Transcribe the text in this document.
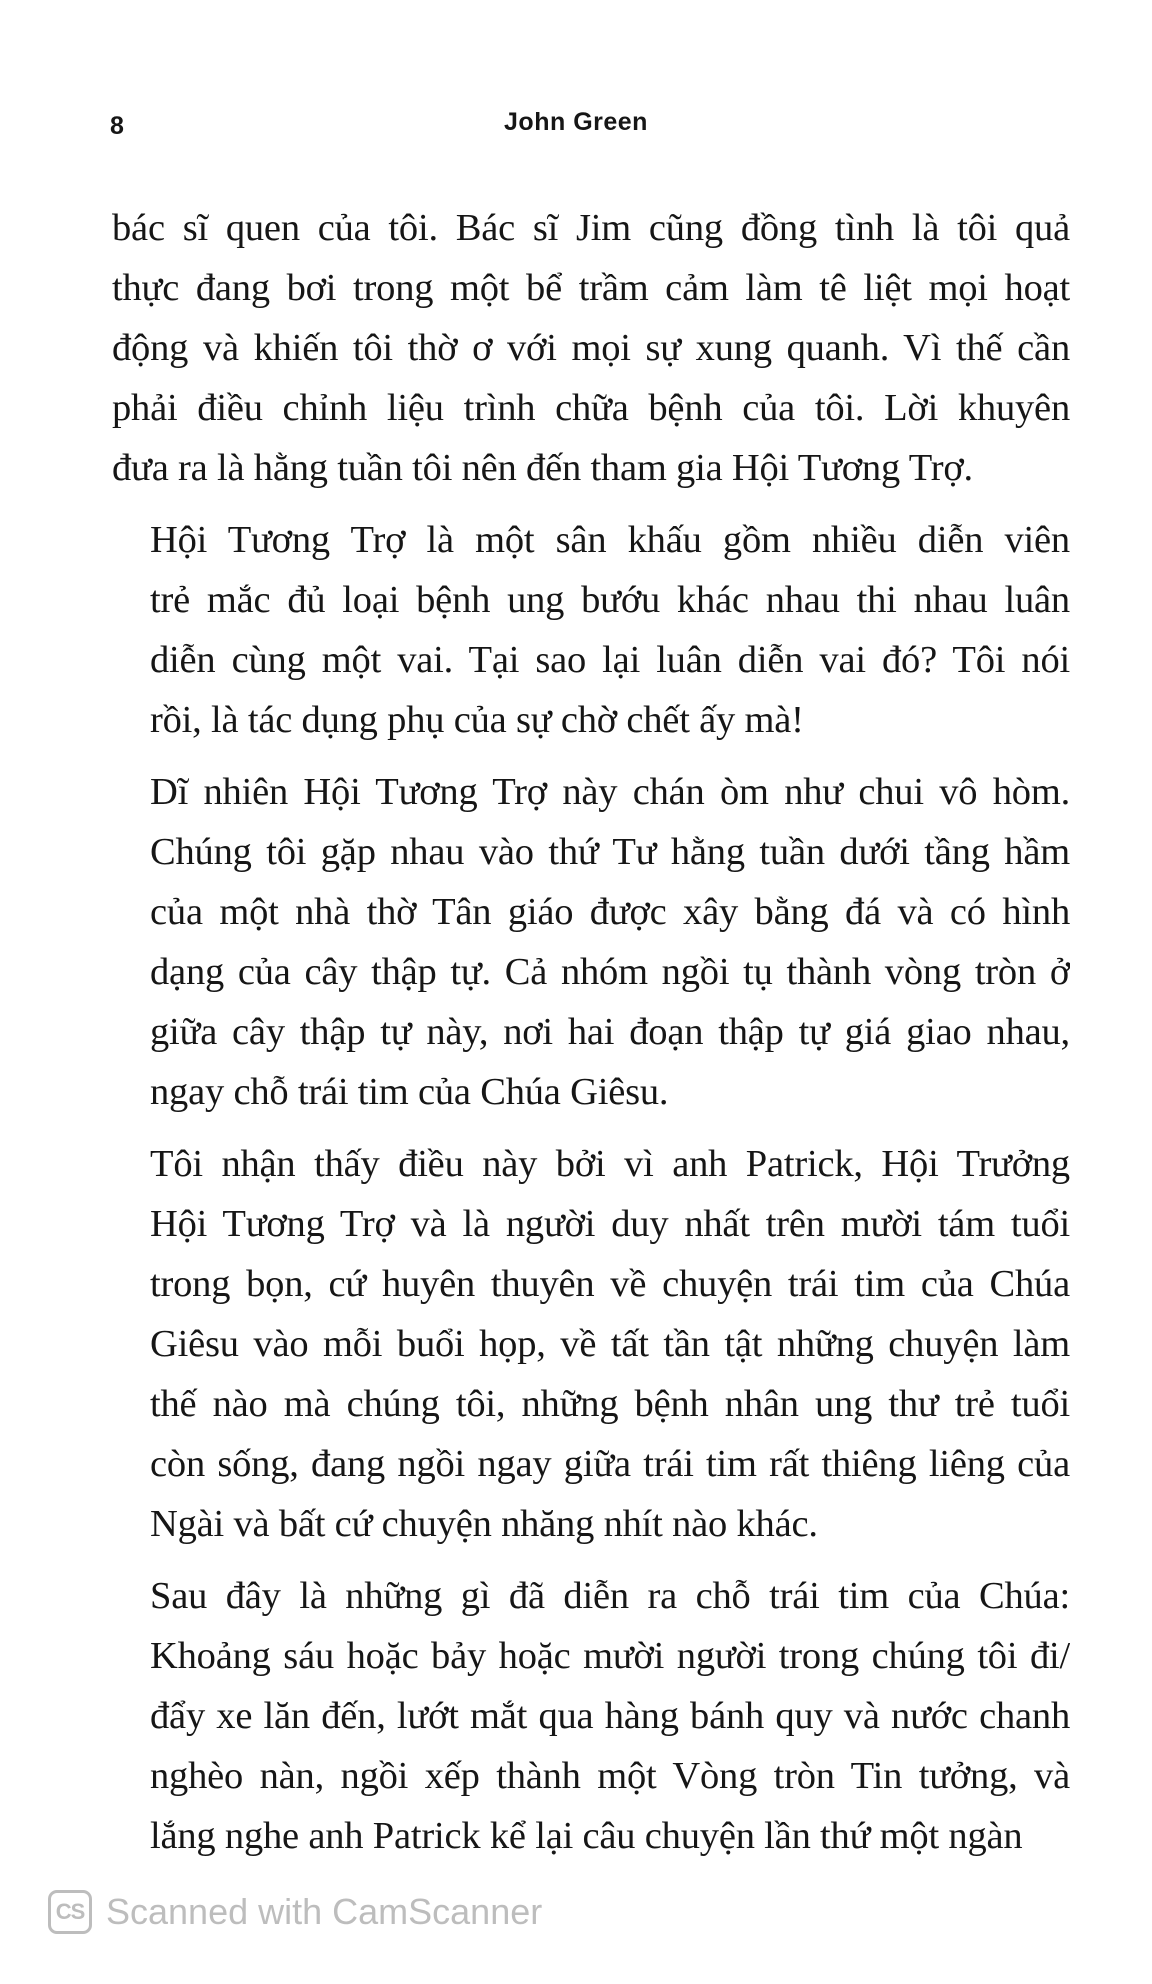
8	John Green

bác sĩ quen của tôi. Bác sĩ Jim cũng đồng tình là tôi quả
thực đang bơi trong một bể trầm cảm làm tê liệt mọi hoạt
động và khiến tôi thờ ơ với mọi sự xung quanh. Vì thế cần
phải điều chỉnh liệu trình chữa bệnh của tôi. Lời khuyên
đưa ra là hằng tuần tôi nên đến tham gia Hội Tương Trợ.

Hội Tương Trợ là một sân khấu gồm nhiều diễn viên
trẻ mắc đủ loại bệnh ung bướu khác nhau thi nhau luân
diễn cùng một vai. Tại sao lại luân diễn vai đó? Tôi nói
rồi, là tác dụng phụ của sự chờ chết ấy mà!

Dĩ nhiên Hội Tương Trợ này chán òm như chui vô hòm.
Chúng tôi gặp nhau vào thứ Tư hằng tuần dưới tầng hầm
của một nhà thờ Tân giáo được xây bằng đá và có hình
dạng của cây thập tự. Cả nhóm ngồi tụ thành vòng tròn ở
giữa cây thập tự này, nơi hai đoạn thập tự giá giao nhau,
ngay chỗ trái tim của Chúa Giêsu.

Tôi nhận thấy điều này bởi vì anh Patrick, Hội Trưởng
Hội Tương Trợ và là người duy nhất trên mười tám tuổi
trong bọn, cứ huyên thuyên về chuyện trái tim của Chúa
Giêsu vào mỗi buổi họp, về tất tần tật những chuyện làm
thế nào mà chúng tôi, những bệnh nhân ung thư trẻ tuổi
còn sống, đang ngồi ngay giữa trái tim rất thiêng liêng của
Ngài và bất cứ chuyện nhăng nhít nào khác.

Sau đây là những gì đã diễn ra chỗ trái tim của Chúa:
Khoảng sáu hoặc bảy hoặc mười người trong chúng tôi đi/
đẩy xe lăn đến, lướt mắt qua hàng bánh quy và nước chanh
nghèo nàn, ngồi xếp thành một Vòng tròn Tin tưởng, và
lắng nghe anh Patrick kể lại câu chuyện lần thứ một ngàn

CS Scanned with CamScanner
